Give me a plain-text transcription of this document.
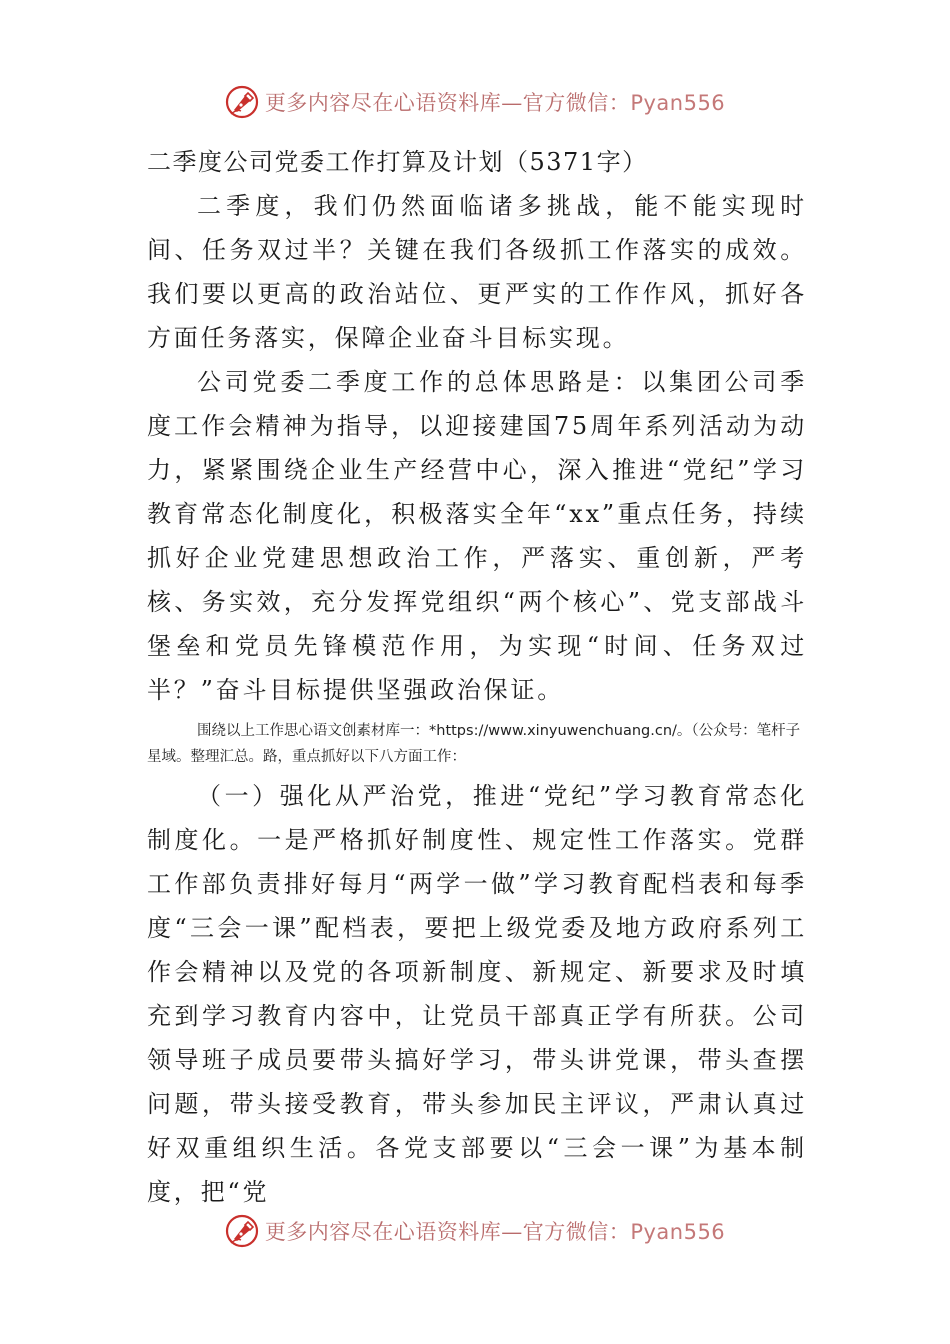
更多内容尽在心语资料库—官方微信：Pyan556
二季度公司党委工作打算及计划（5371字）

二季度，我们仍然面临诸多挑战，能不能实现时间、任务双过半？关键在我们各级抓工作落实的成效。我们要以更高的政治站位、更严实的工作作风，抓好各方面任务落实，保障企业奋斗目标实现。

公司党委二季度工作的总体思路是：以集团公司季度工作会精神为指导，以迎接建国75周年系列活动为动力，紧紧围绕企业生产经营中心，深入推进“党纪”学习教育常态化制度化，积极落实全年“xx”重点任务，持续抓好企业党建思想政治工作，严落实、重创新，严考核、务实效，充分发挥党组织“两个核心”、党支部战斗堡垒和党员先锋模范作用，为实现“时间、任务双过半？”奋斗目标提供坚强政治保证。

围绕以上工作思心语文创素材库一：*https://www.xinyuwenchuang.cn/。（公众号：笔杆子星域。整理汇总。路，重点抓好以下八方面工作：

（一）强化从严治党，推进“党纪”学习教育常态化制度化。一是严格抓好制度性、规定性工作落实。党群工作部负责排好每月“两学一做”学习教育配档表和每季度“三会一课”配档表，要把上级党委及地方政府系列工作会精神以及党的各项新制度、新规定、新要求及时填充到学习教育内容中，让党员干部真正学有所获。公司领导班子成员要带头搞好学习，带头讲党课，带头查摆问题，带头接受教育，带头参加民主评议，严肃认真过好双重组织生活。各党支部要以“三会一课”为基本制度，把“党

更多内容尽在心语资料库—官方微信：Pyan556
